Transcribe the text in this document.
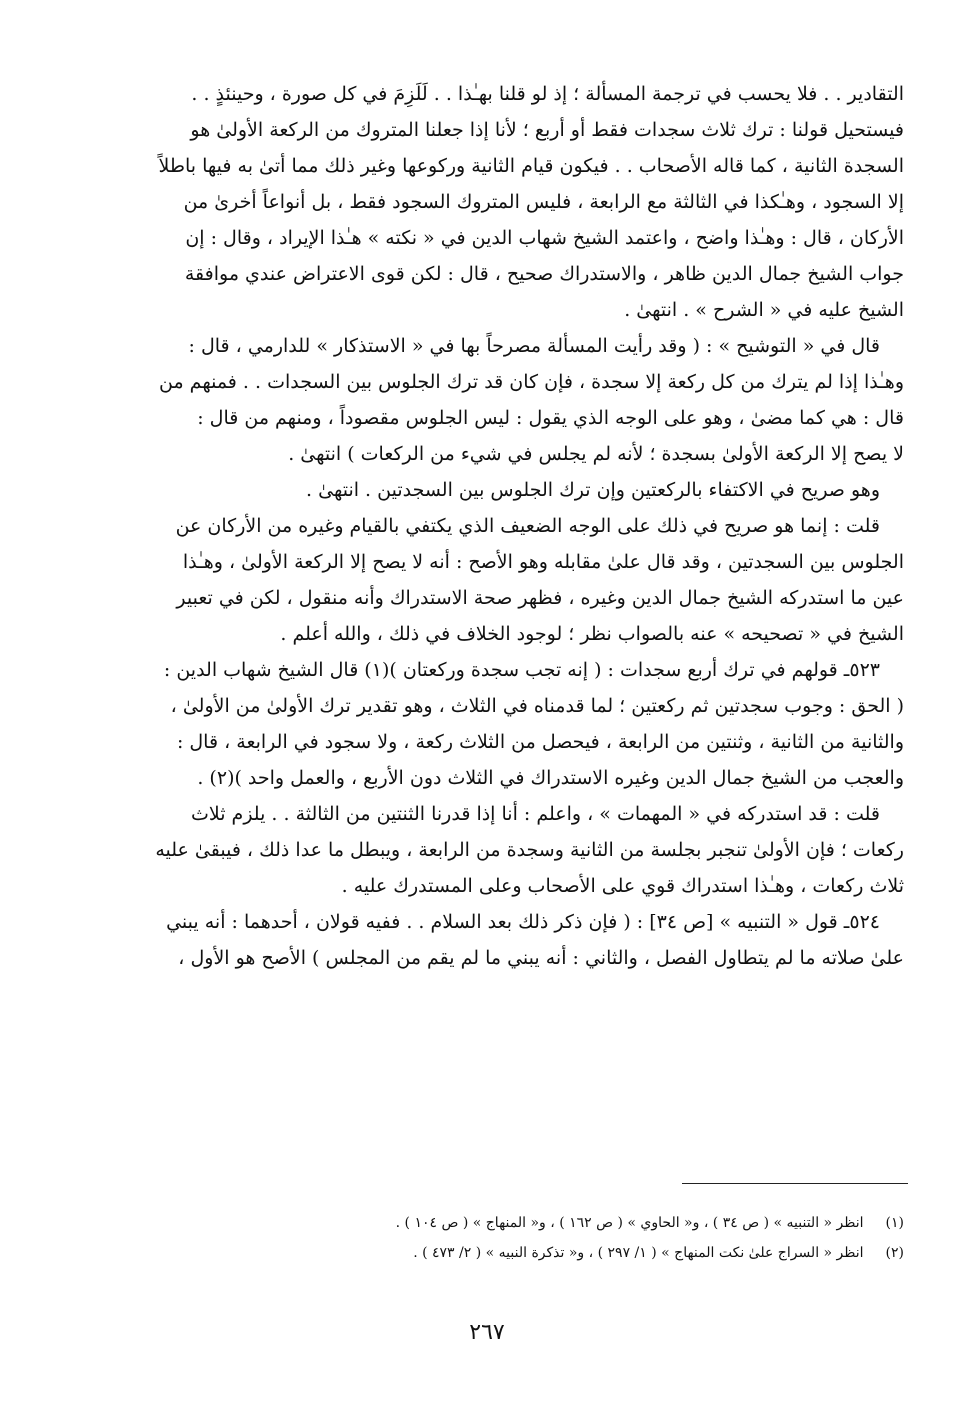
التقادير . . فلا يحسب في ترجمة المسألة ؛ إذ لو قلنا بهـٰذا . . لَلَزِمَ في كل صورة ، وحينئذٍ . .
فيستحيل قولنا : ترك ثلاث سجدات فقط أو أربع ؛ لأنا إذا جعلنا المتروك من الركعة الأولىٰ هو
السجدة الثانية ، كما قاله الأصحاب . . فيكون قيام الثانية وركوعها وغير ذلك مما أتىٰ به فيها باطلاً
إلا السجود ، وهـٰكذا في الثالثة مع الرابعة ، فليس المتروك السجود فقط ، بل أنواعاً أخرىٰ من
الأركان ، قال : وهـٰذا واضح ، واعتمد الشيخ شهاب الدين في « نكته » هـٰذا الإيراد ، وقال : إن
جواب الشيخ جمال الدين ظاهر ، والاستدراك صحيح ، قال : لكن قوى الاعتراض عندي موافقة
الشيخ عليه في « الشرح » . انتهىٰ .
قال في « التوشيح » : ( وقد رأيت المسألة مصرحاً بها في « الاستذكار » للدارمي ، قال :
وهـٰذا إذا لم يترك من كل ركعة إلا سجدة ، فإن كان قد ترك الجلوس بين السجدات . . فمنهم من
قال : هي كما مضىٰ ، وهو على الوجه الذي يقول : ليس الجلوس مقصوداً ، ومنهم من قال :
لا يصح إلا الركعة الأولىٰ بسجدة ؛ لأنه لم يجلس في شيء من الركعات ) انتهىٰ .
وهو صريح في الاكتفاء بالركعتين وإن ترك الجلوس بين السجدتين . انتهىٰ .
قلت : إنما هو صريح في ذلك على الوجه الضعيف الذي يكتفي بالقيام وغيره من الأركان عن
الجلوس بين السجدتين ، وقد قال علىٰ مقابله وهو الأصح : أنه لا يصح إلا الركعة الأولىٰ ، وهـٰذا
عين ما استدركه الشيخ جمال الدين وغيره ، فظهر صحة الاستدراك وأنه منقول ، لكن في تعبير
الشيخ في « تصحيحه » عنه بالصواب نظر ؛ لوجود الخلاف في ذلك ، والله أعلم .
٥٢٣ـ قولهم في ترك أربع سجدات : ( إنه تجب سجدة وركعتان )(١) قال الشيخ شهاب الدين :
( الحق : وجوب سجدتين ثم ركعتين ؛ لما قدمناه في الثلاث ، وهو تقدير ترك الأولىٰ من الأولىٰ ،
والثانية من الثانية ، وثنتين من الرابعة ، فيحصل من الثلاث ركعة ، ولا سجود في الرابعة ، قال :
والعجب من الشيخ جمال الدين وغيره الاستدراك في الثلاث دون الأربع ، والعمل واحد )(٢) .
قلت : قد استدركه في « المهمات » ، واعلم : أنا إذا قدرنا الثنتين من الثالثة . . يلزم ثلاث
ركعات ؛ فإن الأولىٰ تنجبر بجلسة من الثانية وسجدة من الرابعة ، ويبطل ما عدا ذلك ، فيبقىٰ عليه
ثلاث ركعات ، وهـٰذا استدراك قوي على الأصحاب وعلى المستدرك عليه .
٥٢٤ـ قول « التنبيه » [ص ٣٤] : ( فإن ذكر ذلك بعد السلام . . ففيه قولان ، أحدهما : أنه يبني
علىٰ صلاته ما لم يتطاول الفصل ، والثاني : أنه يبني ما لم يقم من المجلس ) الأصح هو الأول ،
(١) انظر « التنبيه » ( ص ٣٤ ) ، و« الحاوي » ( ص ١٦٢ ) ، و« المنهاج » ( ص ١٠٤ ) .
(٢) انظر « السراج علىٰ نكت المنهاج » ( ١/ ٢٩٧ ) ، و« تذكرة النبيه » ( ٢/ ٤٧٣ ) .
٢٦٧
